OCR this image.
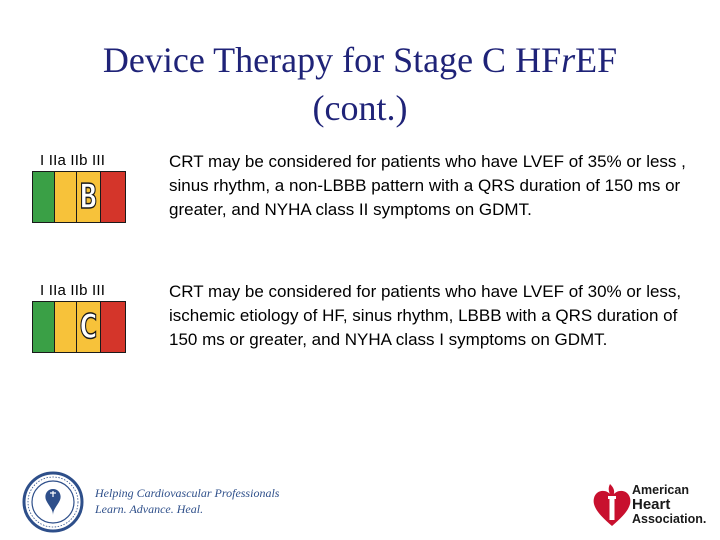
Device Therapy for Stage C HFrEF
(cont.)
I IIa IIb III
B
CRT may be considered for patients who have LVEF of 35% or less , sinus rhythm, a non-LBBB pattern with a QRS duration of 150 ms or greater, and NYHA class II symptoms on GDMT.
I IIa IIb III
C
CRT may be considered for patients who have LVEF of 30% or less, ischemic etiology of HF, sinus rhythm, LBBB with a QRS duration of 150 ms or greater, and NYHA class I symptoms on GDMT.
Helping Cardiovascular Professionals
Learn. Advance. Heal.
American
Heart
Association.
